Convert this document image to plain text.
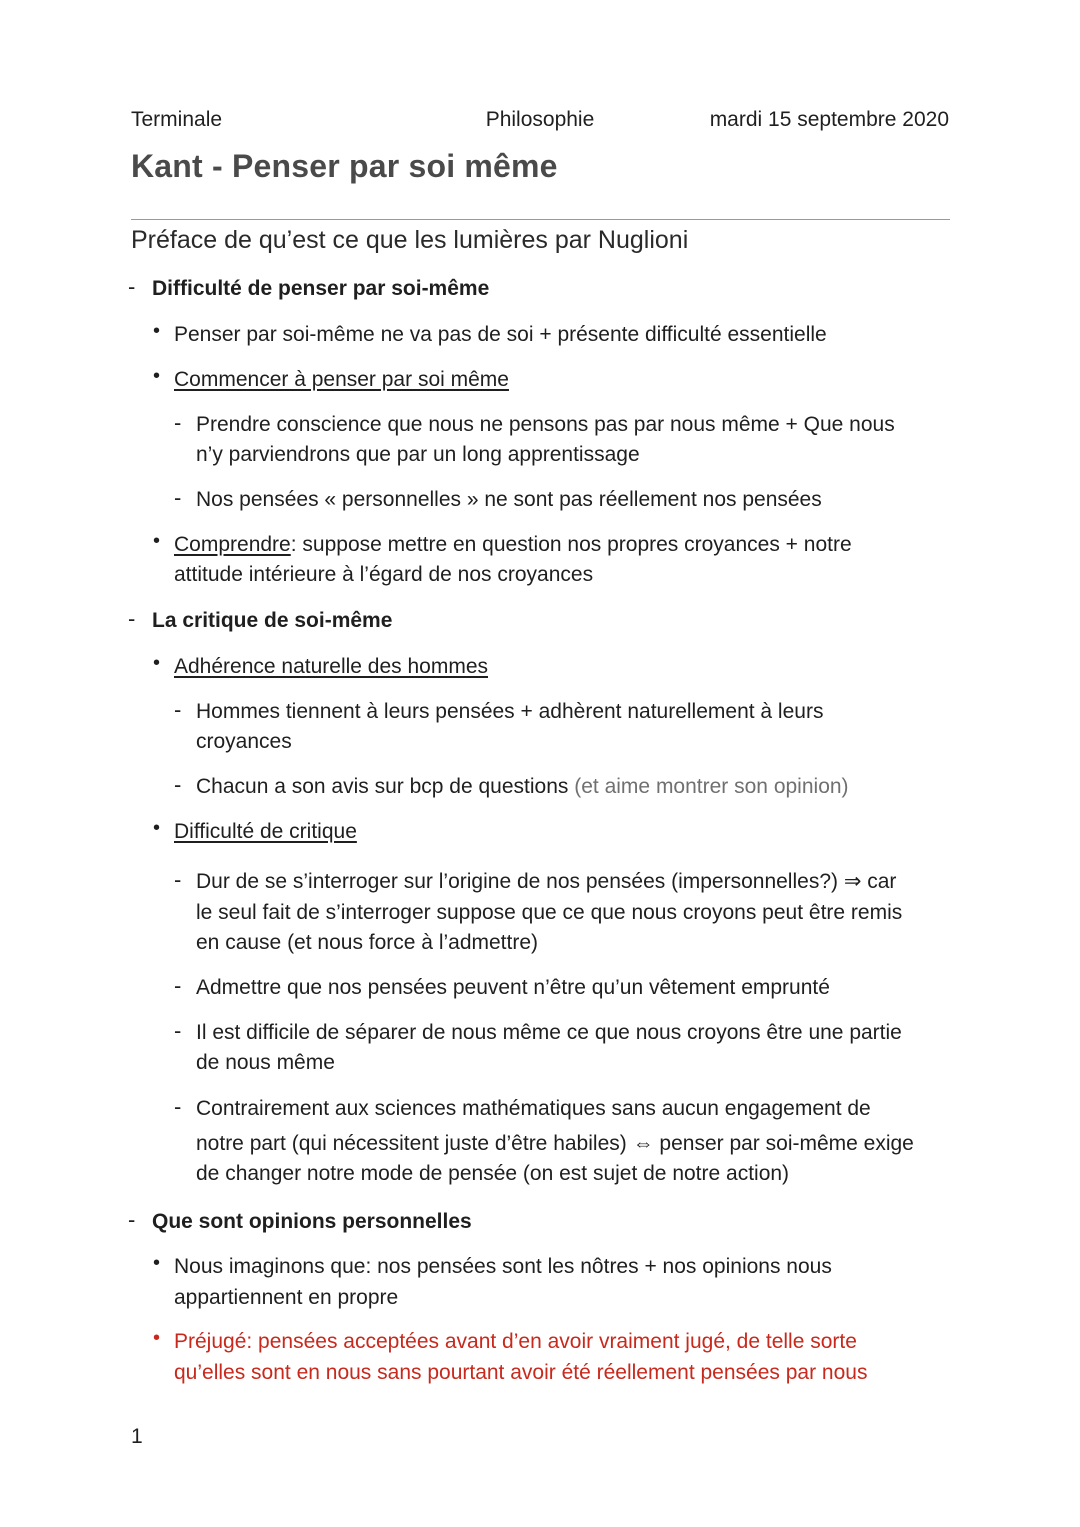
Terminale	Philosophie	mardi 15 septembre 2020
Kant - Penser par soi même
Préface de qu’est ce que les lumières par Nuglioni
- Difficulté de penser par soi-même
• Penser par soi-même ne va pas de soi + présente difficulté essentielle
• Commencer à penser par soi même
- Prendre conscience que nous ne pensons pas par nous même + Que nous
n’y parviendrons que par un long apprentissage
- Nos pensées « personnelles » ne sont pas réellement nos pensées
• Comprendre: suppose mettre en question nos propres croyances + notre
attitude intérieure à l’égard de nos croyances
- La critique de soi-même
• Adhérence naturelle des hommes
- Hommes tiennent à leurs pensées + adhèrent naturellement à leurs
croyances
- Chacun a son avis sur bcp de questions (et aime montrer son opinion)
• Difficulté de critique
- Dur de se s’interroger sur l’origine de nos pensées (impersonnelles?) ⇒ car
le seul fait de s’interroger suppose que ce que nous croyons peut être remis
en cause (et nous force à l’admettre)
- Admettre que nos pensées peuvent n’être qu’un vêtement emprunté
- Il est difficile de séparer de nous même ce que nous croyons être une partie
de nous même
- Contrairement aux sciences mathématiques sans aucun engagement de
notre part (qui nécessitent juste d’être habiles) ⇔ penser par soi-même exige
de changer notre mode de pensée (on est sujet de notre action)
- Que sont opinions personnelles
• Nous imaginons que: nos pensées sont les nôtres + nos opinions nous
appartiennent en propre
• Préjugé: pensées acceptées avant d’en avoir vraiment jugé, de telle sorte
qu’elles sont en nous sans pourtant avoir été réellement pensées par nous
1
